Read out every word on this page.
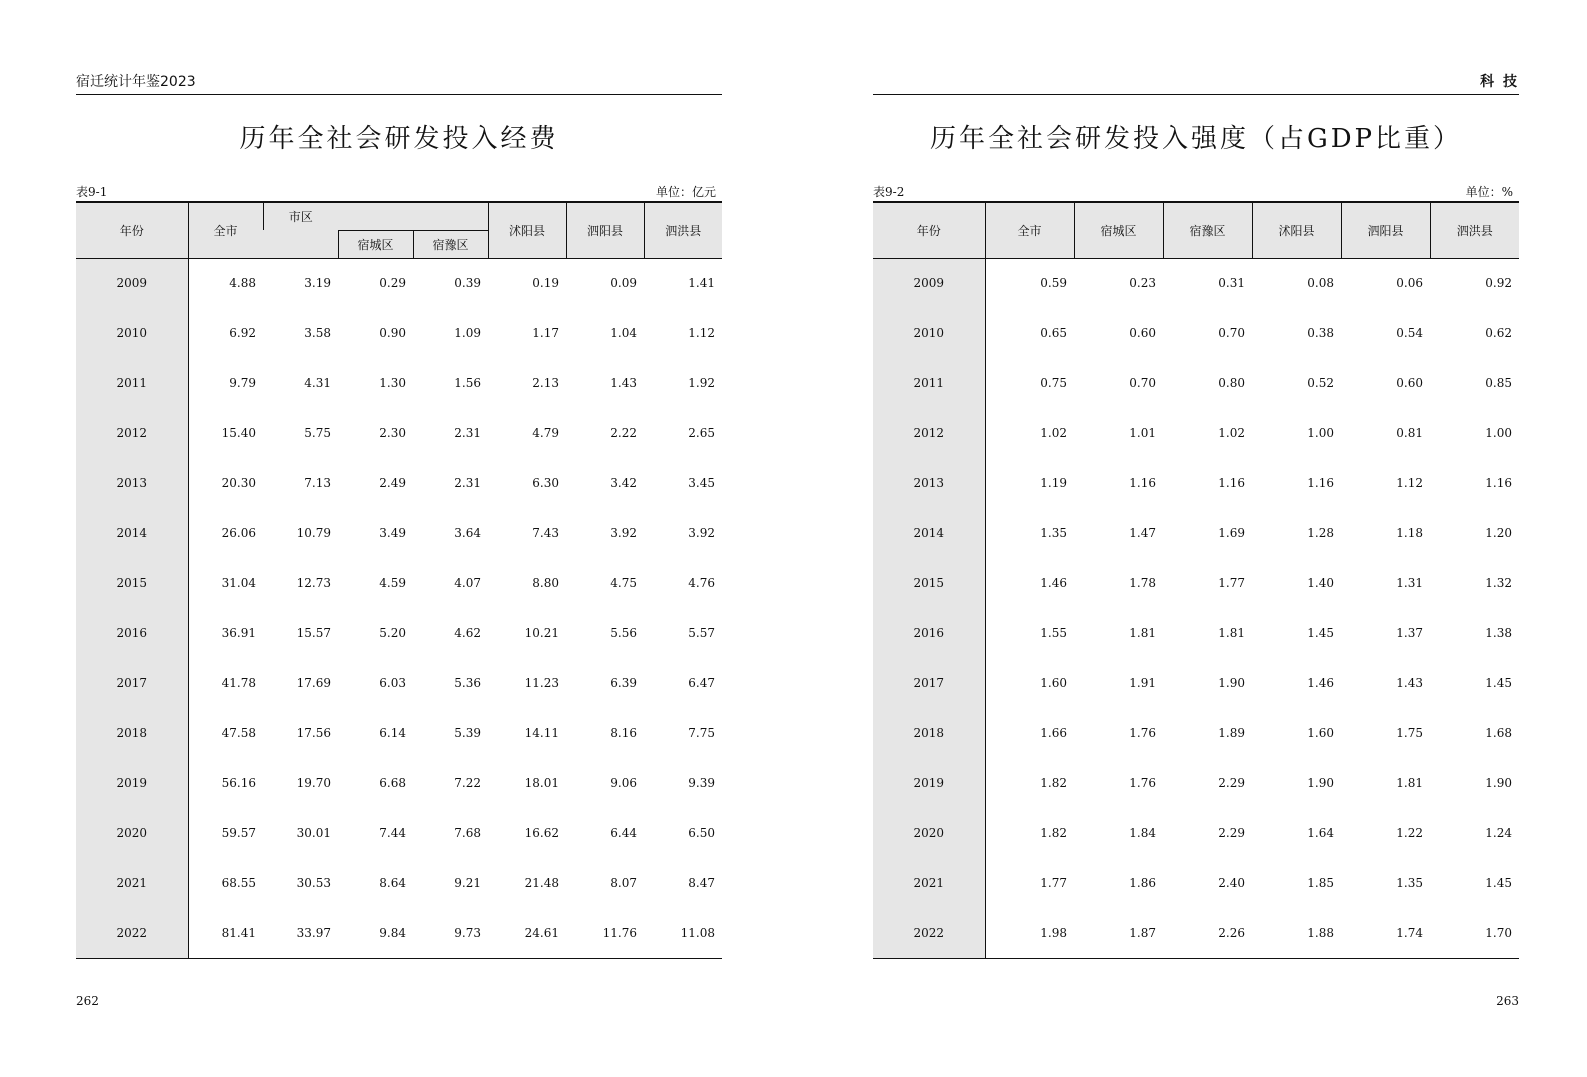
宿迁统计年鉴2023
历年全社会研发投入经费
表9-1	单位：亿元
年份	全市	市区			沭阳县	泗阳县	泗洪县
			宿城区	宿豫区			
2009	4.88	3.19	0.29	0.39	0.19	0.09	1.41
2010	6.92	3.58	0.90	1.09	1.17	1.04	1.12
2011	9.79	4.31	1.30	1.56	2.13	1.43	1.92
2012	15.40	5.75	2.30	2.31	4.79	2.22	2.65
2013	20.30	7.13	2.49	2.31	6.30	3.42	3.45
2014	26.06	10.79	3.49	3.64	7.43	3.92	3.92
2015	31.04	12.73	4.59	4.07	8.80	4.75	4.76
2016	36.91	15.57	5.20	4.62	10.21	5.56	5.57
2017	41.78	17.69	6.03	5.36	11.23	6.39	6.47
2018	47.58	17.56	6.14	5.39	14.11	8.16	7.75
2019	56.16	19.70	6.68	7.22	18.01	9.06	9.39
2020	59.57	30.01	7.44	7.68	16.62	6.44	6.50
2021	68.55	30.53	8.64	9.21	21.48	8.07	8.47
2022	81.41	33.97	9.84	9.73	24.61	11.76	11.08
262
科 技
历年全社会研发投入强度（占GDP比重）
表9-2	单位：%
年份	全市	宿城区	宿豫区	沭阳县	泗阳县	泗洪县
2009	0.59	0.23	0.31	0.08	0.06	0.92
2010	0.65	0.60	0.70	0.38	0.54	0.62
2011	0.75	0.70	0.80	0.52	0.60	0.85
2012	1.02	1.01	1.02	1.00	0.81	1.00
2013	1.19	1.16	1.16	1.16	1.12	1.16
2014	1.35	1.47	1.69	1.28	1.18	1.20
2015	1.46	1.78	1.77	1.40	1.31	1.32
2016	1.55	1.81	1.81	1.45	1.37	1.38
2017	1.60	1.91	1.90	1.46	1.43	1.45
2018	1.66	1.76	1.89	1.60	1.75	1.68
2019	1.82	1.76	2.29	1.90	1.81	1.90
2020	1.82	1.84	2.29	1.64	1.22	1.24
2021	1.77	1.86	2.40	1.85	1.35	1.45
2022	1.98	1.87	2.26	1.88	1.74	1.70
263
